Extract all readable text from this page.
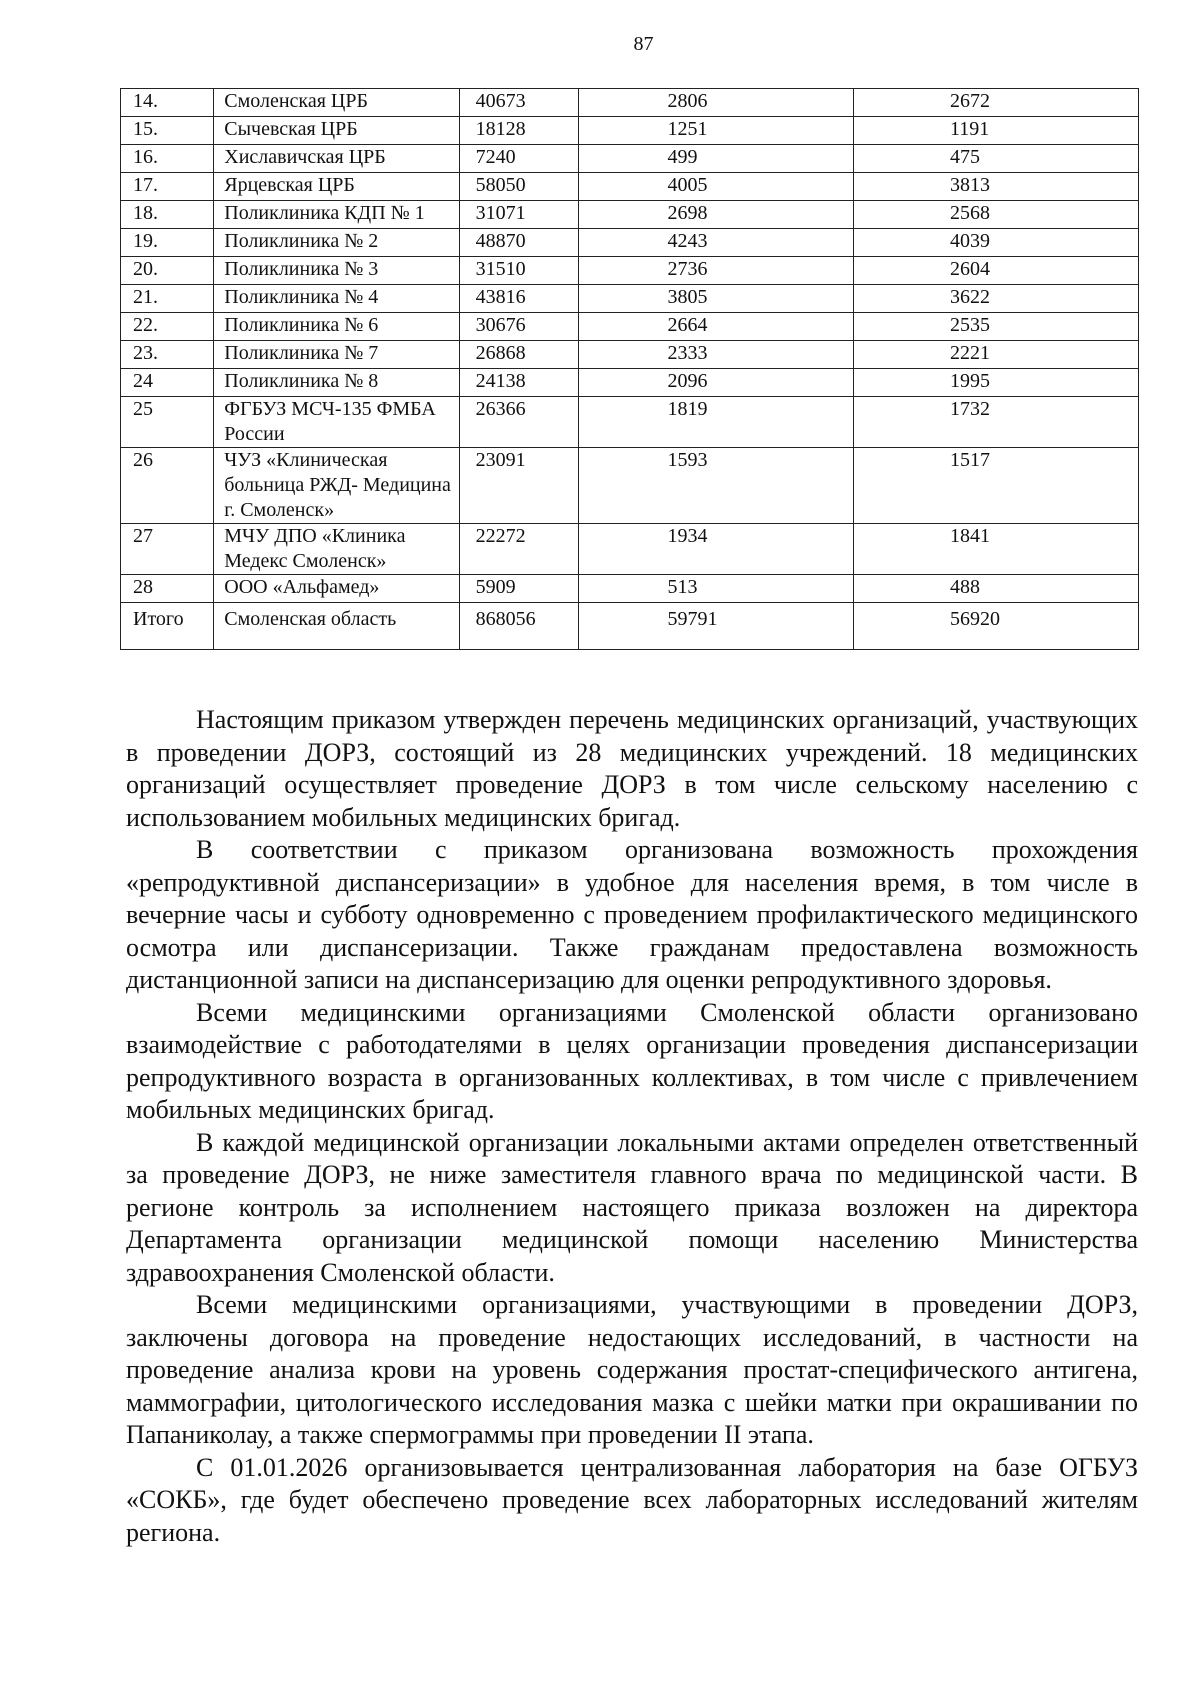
87
14.	Смоленская ЦРБ	40673	2806	2672
15.	Сычевская ЦРБ	18128	1251	1191
16.	Хиславичская ЦРБ	7240	499	475
17.	Ярцевская ЦРБ	58050	4005	3813
18.	Поликлиника КДП № 1	31071	2698	2568
19.	Поликлиника № 2	48870	4243	4039
20.	Поликлиника № 3	31510	2736	2604
21.	Поликлиника № 4	43816	3805	3622
22.	Поликлиника № 6	30676	2664	2535
23.	Поликлиника № 7	26868	2333	2221
24	Поликлиника № 8	24138	2096	1995
25	ФГБУЗ МСЧ-135 ФМБА России	26366	1819	1732
26	ЧУЗ «Клиническая больница РЖД- Медицина г. Смоленск»	23091	1593	1517
27	МЧУ ДПО «Клиника Медекс Смоленск»	22272	1934	1841
28	ООО «Альфамед»	5909	513	488
Итого	Смоленская область	868056	59791	56920

Настоящим приказом утвержден перечень медицинских организаций, участвующих в проведении ДОРЗ, состоящий из 28 медицинских учреждений. 18 медицинских организаций осуществляет проведение ДОРЗ в том числе сельскому населению с использованием мобильных медицинских бригад.

В соответствии с приказом организована возможность прохождения «репродуктивной диспансеризации» в удобное для населения время, в том числе в вечерние часы и субботу одновременно с проведением профилактического медицинского осмотра или диспансеризации. Также гражданам предоставлена возможность дистанционной записи на диспансеризацию для оценки репродуктивного здоровья.

Всеми медицинскими организациями Смоленской области организовано взаимодействие с работодателями в целях организации проведения диспансеризации репродуктивного возраста в организованных коллективах, в том числе с привлечением мобильных медицинских бригад.

В каждой медицинской организации локальными актами определен ответственный за проведение ДОРЗ, не ниже заместителя главного врача по медицинской части. В регионе контроль за исполнением настоящего приказа возложен на директора Департамента организации медицинской помощи населению Министерства здравоохранения Смоленской области.

Всеми медицинскими организациями, участвующими в проведении ДОРЗ, заключены договора на проведение недостающих исследований, в частности на проведение анализа крови на уровень содержания простат-специфического антигена, маммографии, цитологического исследования мазка с шейки матки при окрашивании по Папаниколау, а также спермограммы при проведении II этапа.

С 01.01.2026 организовывается централизованная лаборатория на базе ОГБУЗ «СОКБ», где будет обеспечено проведение всех лабораторных исследований жителям региона.
